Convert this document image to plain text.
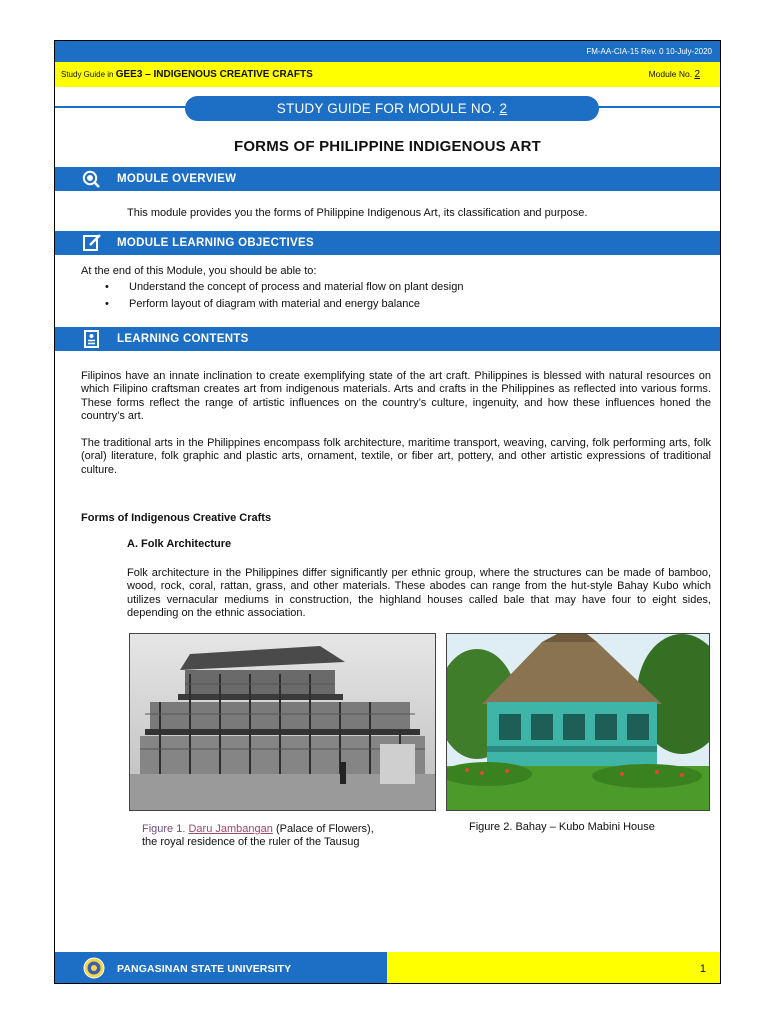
FM-AA-CIA-15 Rev. 0 10-July-2020
Study Guide in GEE3 – INDIGENOUS CREATIVE CRAFTS	Module No. 2
STUDY GUIDE FOR MODULE NO. 2
FORMS OF PHILIPPINE INDIGENOUS ART
MODULE OVERVIEW
This module provides you the forms of Philippine Indigenous Art, its classification and purpose.
MODULE LEARNING OBJECTIVES
At the end of this Module, you should be able to:
• Understand the concept of process and material flow on plant design
• Perform layout of diagram with material and energy balance
LEARNING CONTENTS
Filipinos have an innate inclination to create exemplifying state of the art craft. Philippines is blessed with natural resources on which Filipino craftsman creates art from indigenous materials. Arts and crafts in the Philippines as reflected into various forms. These forms reflect the range of artistic influences on the country’s culture, ingenuity, and how these influences honed the country’s art.
The traditional arts in the Philippines encompass folk architecture, maritime transport, weaving, carving, folk performing arts, folk (oral) literature, folk graphic and plastic arts, ornament, textile, or fiber art, pottery, and other artistic expressions of traditional culture.
Forms of Indigenous Creative Crafts
A. Folk Architecture
Folk architecture in the Philippines differ significantly per ethnic group, where the structures can be made of bamboo, wood, rock, coral, rattan, grass, and other materials. These abodes can range from the hut-style Bahay Kubo which utilizes vernacular mediums in construction, the highland houses called bale that may have four to eight sides, depending on the ethnic association.
Figure 1. Daru Jambangan (Palace of Flowers),
the royal residence of the ruler of the Tausug
Figure 2. Bahay – Kubo Mabini House
PANGASINAN STATE UNIVERSITY	1
